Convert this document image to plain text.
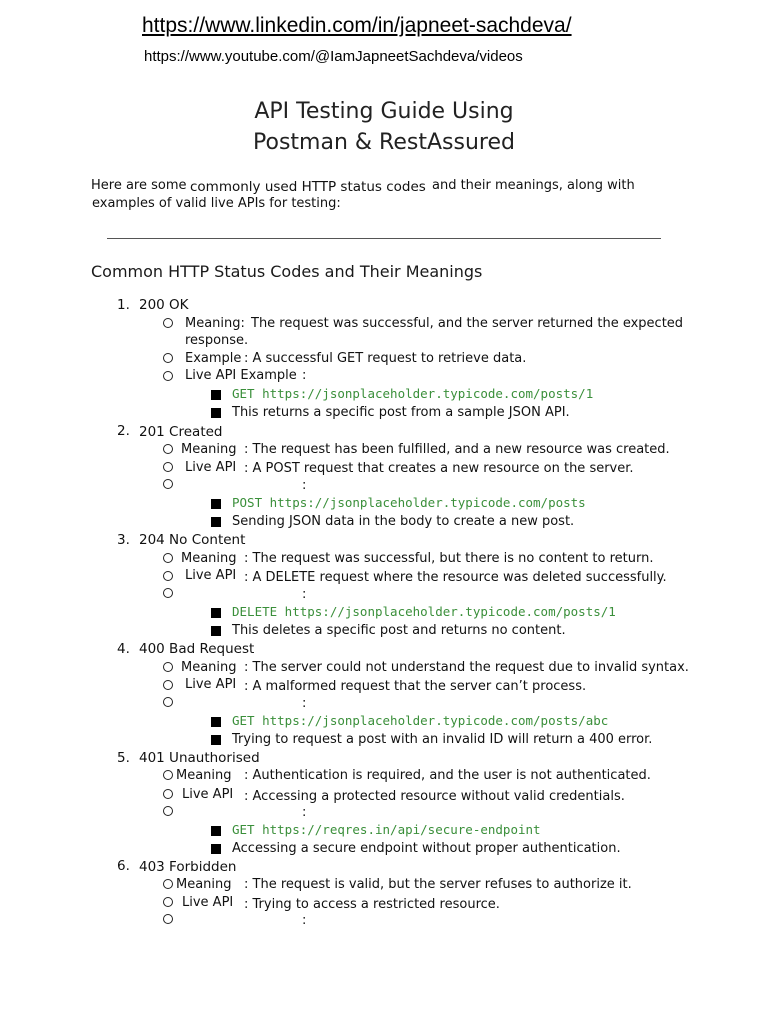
https://www.linkedin.com/in/japneet-sachdeva/
https://www.youtube.com/@IamJapneetSachdeva/videos
API Testing Guide Using
Postman & RestAssured
Here are some commonly used HTTP status codes and their meanings, along with
examples of valid live APIs for testing:
Common HTTP Status Codes and Their Meanings
1. 200 OK
Meaning: The request was successful, and the server returned the expected
response.
Example : A successful GET request to retrieve data.
Live API Example :
GET https://jsonplaceholder.typicode.com/posts/1
This returns a specific post from a sample JSON API.
2. 201 Created
Meaning : The request has been fulfilled, and a new resource was created.
Live API : A POST request that creates a new resource on the server.
:
POST https://jsonplaceholder.typicode.com/posts
Sending JSON data in the body to create a new post.
3. 204 No Content
Meaning : The request was successful, but there is no content to return.
Live API : A DELETE request where the resource was deleted successfully.
:
DELETE https://jsonplaceholder.typicode.com/posts/1
This deletes a specific post and returns no content.
4. 400 Bad Request
Meaning : The server could not understand the request due to invalid syntax.
Live API : A malformed request that the server can’t process.
:
GET https://jsonplaceholder.typicode.com/posts/abc
Trying to request a post with an invalid ID will return a 400 error.
5. 401 Unauthorised
Meaning : Authentication is required, and the user is not authenticated.
Live API : Accessing a protected resource without valid credentials.
:
GET https://reqres.in/api/secure-endpoint
Accessing a secure endpoint without proper authentication.
6. 403 Forbidden
Meaning : The request is valid, but the server refuses to authorize it.
Live API : Trying to access a restricted resource.
:
